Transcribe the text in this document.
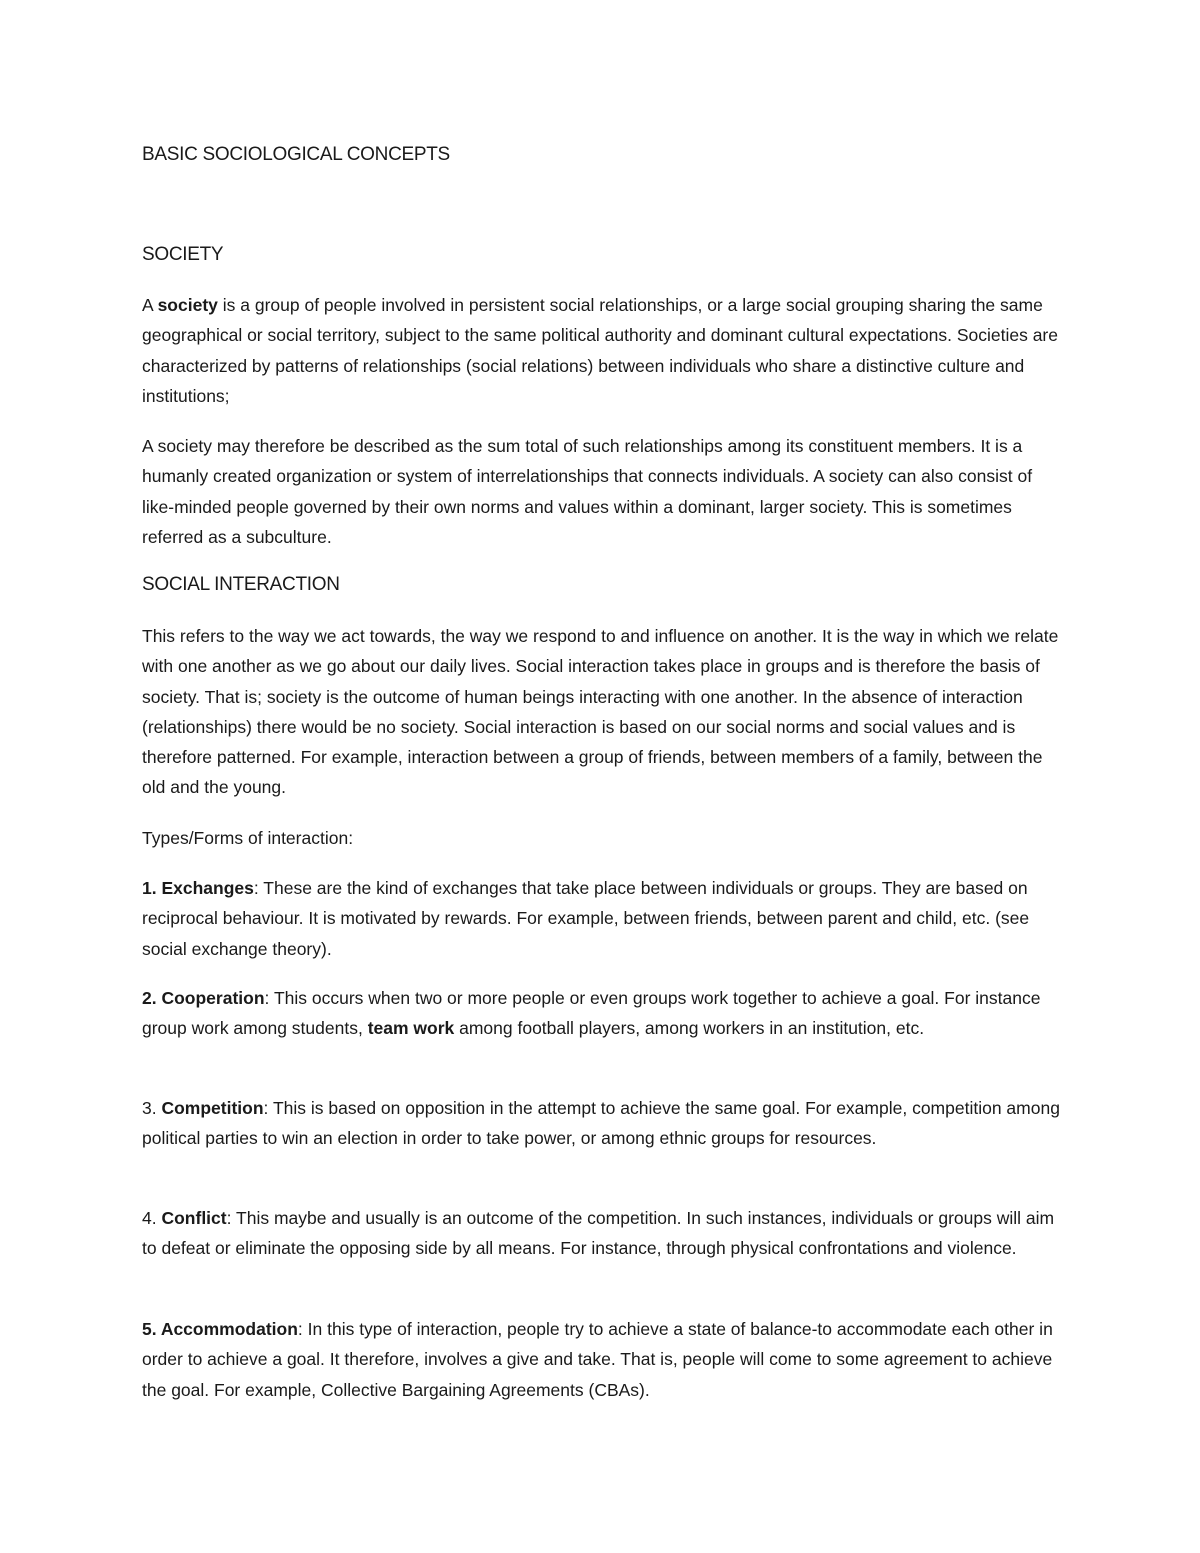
BASIC SOCIOLOGICAL CONCEPTS
SOCIETY

A society is a group of people involved in persistent social relationships, or a large social grouping sharing the same geographical or social territory, subject to the same political authority and dominant cultural expectations. Societies are characterized by patterns of relationships (social relations) between individuals who share a distinctive culture and institutions;

A society may therefore be described as the sum total of such relationships among its constituent members. It is a humanly created organization or system of interrelationships that connects individuals. A society can also consist of like-minded people governed by their own norms and values within a dominant, larger society. This is sometimes referred as a subculture.

SOCIAL INTERACTION

This refers to the way we act towards, the way we respond to and influence on another. It is the way in which we relate with one another as we go about our daily lives. Social interaction takes place in groups and is therefore the basis of society. That is; society is the outcome of human beings interacting with one another. In the absence of interaction (relationships) there would be no society. Social interaction is based on our social norms and social values and is therefore patterned. For example, interaction between a group of friends, between members of a family, between the old and the young.

Types/Forms of interaction:

1. Exchanges: These are the kind of exchanges that take place between individuals or groups. They are based on reciprocal behaviour. It is motivated by rewards. For example, between friends, between parent and child, etc. (see social exchange theory).

2. Cooperation: This occurs when two or more people or even groups work together to achieve a goal. For instance group work among students, team work among football players, among workers in an institution, etc.

3. Competition: This is based on opposition in the attempt to achieve the same goal. For example, competition among political parties to win an election in order to take power, or among ethnic groups for resources.

4. Conflict: This maybe and usually is an outcome of the competition. In such instances, individuals or groups will aim to defeat or eliminate the opposing side by all means. For instance, through physical confrontations and violence.

5. Accommodation: In this type of interaction, people try to achieve a state of balance-to accommodate each other in order to achieve a goal. It therefore, involves a give and take. That is, people will come to some agreement to achieve the goal. For example, Collective Bargaining Agreements (CBAs).
